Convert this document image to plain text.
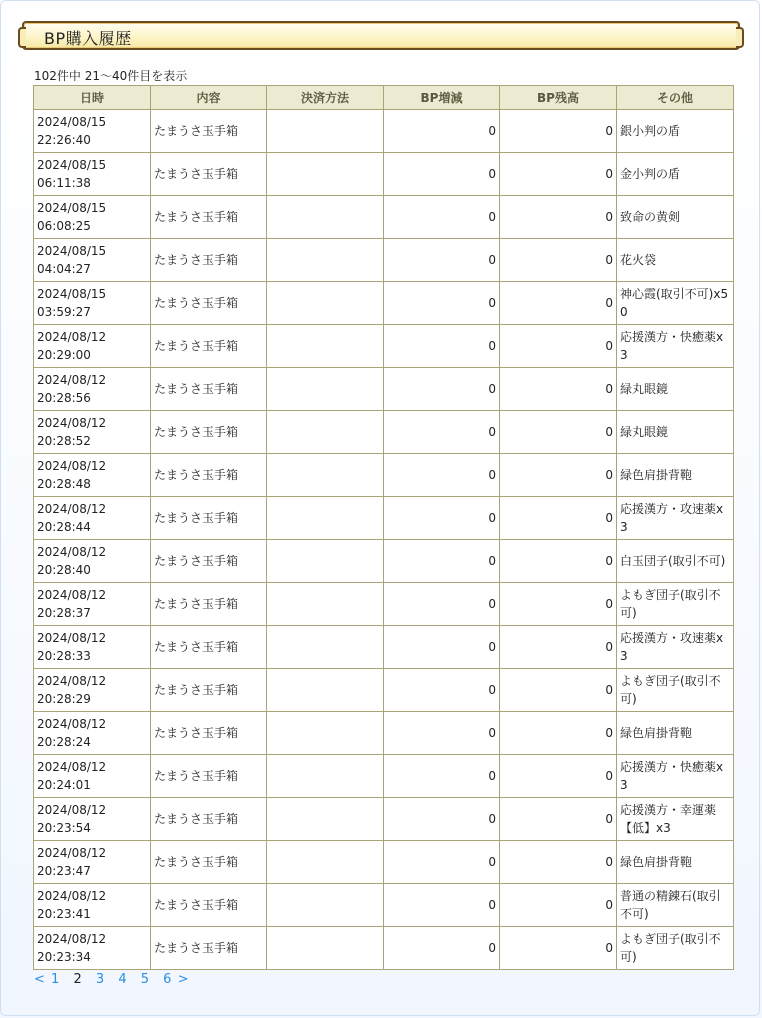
BP購入履歴
102件中 21～40件目を表示
日時	内容	決済方法	BP増減	BP残高	その他

2024/08/15
22:26:40	たまうさ玉手箱		0	0	銀小判の盾

2024/08/15
06:11:38	たまうさ玉手箱		0	0	金小判の盾

2024/08/15
06:08:25	たまうさ玉手箱		0	0	致命の黄剣

2024/08/15
04:04:27	たまうさ玉手箱		0	0	花火袋

2024/08/15
03:59:27	たまうさ玉手箱		0	0	神心霞(取引不可)x50

2024/08/12
20:29:00	たまうさ玉手箱		0	0	応援漢方・快癒薬x3

2024/08/12
20:28:56	たまうさ玉手箱		0	0	緑丸眼鏡

2024/08/12
20:28:52	たまうさ玉手箱		0	0	緑丸眼鏡

2024/08/12
20:28:48	たまうさ玉手箱		0	0	緑色肩掛背鞄

2024/08/12
20:28:44	たまうさ玉手箱		0	0	応援漢方・攻速薬x3

2024/08/12
20:28:40	たまうさ玉手箱		0	0	白玉団子(取引不可)

2024/08/12
20:28:37	たまうさ玉手箱		0	0	よもぎ団子(取引不可)

2024/08/12
20:28:33	たまうさ玉手箱		0	0	応援漢方・攻速薬x3

2024/08/12
20:28:29	たまうさ玉手箱		0	0	よもぎ団子(取引不可)

2024/08/12
20:28:24	たまうさ玉手箱		0	0	緑色肩掛背鞄

2024/08/12
20:24:01	たまうさ玉手箱		0	0	応援漢方・快癒薬x3

2024/08/12
20:23:54	たまうさ玉手箱		0	0	応援漢方・幸運薬【低】x3

2024/08/12
20:23:47	たまうさ玉手箱		0	0	緑色肩掛背鞄

2024/08/12
20:23:41	たまうさ玉手箱		0	0	普通の精錬石(取引不可)

2024/08/12
20:23:34	たまうさ玉手箱		0	0	よもぎ団子(取引不可)
< 1 2 3 4 5 6 >
